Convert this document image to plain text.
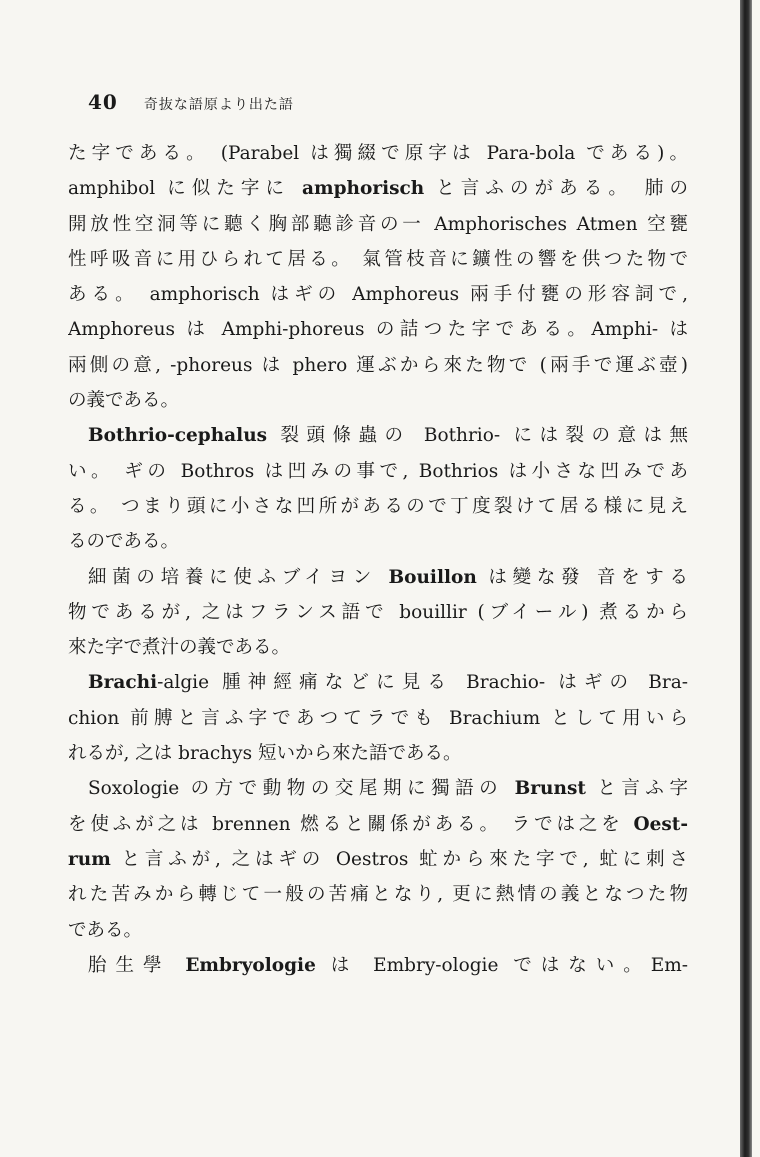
40 奇抜な語原より出た語
た字である。 (Parabel は獨綴で原字は Para-bola である)。
amphibol に似た字に amphorisch と言ふのがある。 肺の
開放性空洞等に聽く胸部聽診音の一 Amphorisches Atmen 空甕
性呼吸音に用ひられて居る。 氣管枝音に鑛性の響を供つた物で
ある。 amphorisch はギの Amphoreus 兩手付甕の形容詞で,
Amphoreus は Amphi-phoreus の詰つた字である。Amphi- は
兩側の意, -phoreus は phero 運ぶから來た物で (兩手で運ぶ壺)
の義である。
Bothrio-cephalus 裂頭條蟲の Bothrio- には裂の意は無
い。 ギの Bothros は凹みの事で, Bothrios は小さな凹みであ
る。 つまり頭に小さな凹所があるので丁度裂けて居る様に見え
るのである。
細菌の培養に使ふブイヨン Bouillon は變な發 音をする
物であるが, 之はフランス語で bouillir (ブイール) 煮るから
來た字で煮汁の義である。
Brachi-algie 腫神經痛などに見る Brachio- はギの Bra-
chion 前膊と言ふ字であつてラでも Brachium として用いら
れるが, 之は brachys 短いから來た語である。
Soxologie の方で動物の交尾期に獨語の Brunst と言ふ字
を使ふが之は brennen 燃ると關係がある。 ラでは之を Oest-
rum と言ふが, 之はギの Oestros 虻から來た字で, 虻に刺さ
れた苦みから轉じて一般の苦痛となり, 更に熱情の義となつた物
である。
胎生學 Embryologie は Embry-ologie ではない。Em-
